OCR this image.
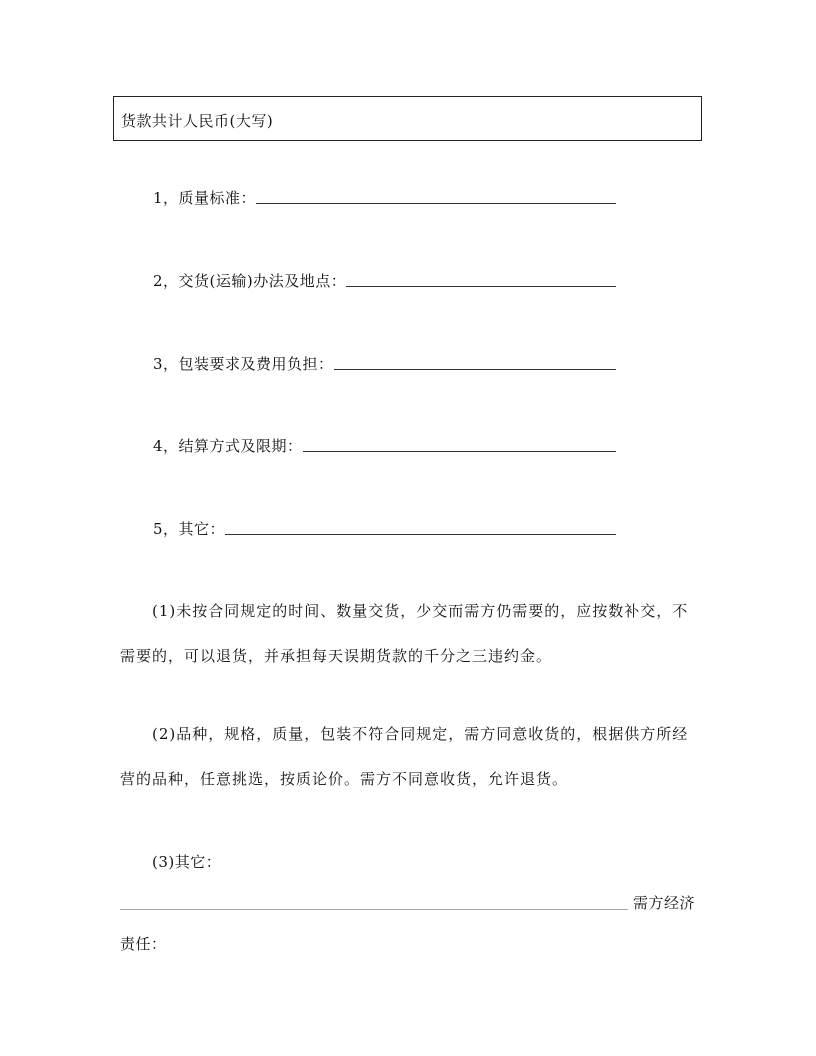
货款共计人民币(大写)
1，质量标准：
2，交货(运输)办法及地点：
3，包装要求及费用负担：
4，结算方式及限期：
5，其它：
(1)未按合同规定的时间、数量交货，少交而需方仍需要的，应按数补交，不需要的，可以退货，并承担每天误期货款的千分之三违约金。
(2)品种，规格，质量，包装不符合同规定，需方同意收货的，根据供方所经营的品种，任意挑选，按质论价。需方不同意收货，允许退货。
(3)其它：
需方经济
责任：
